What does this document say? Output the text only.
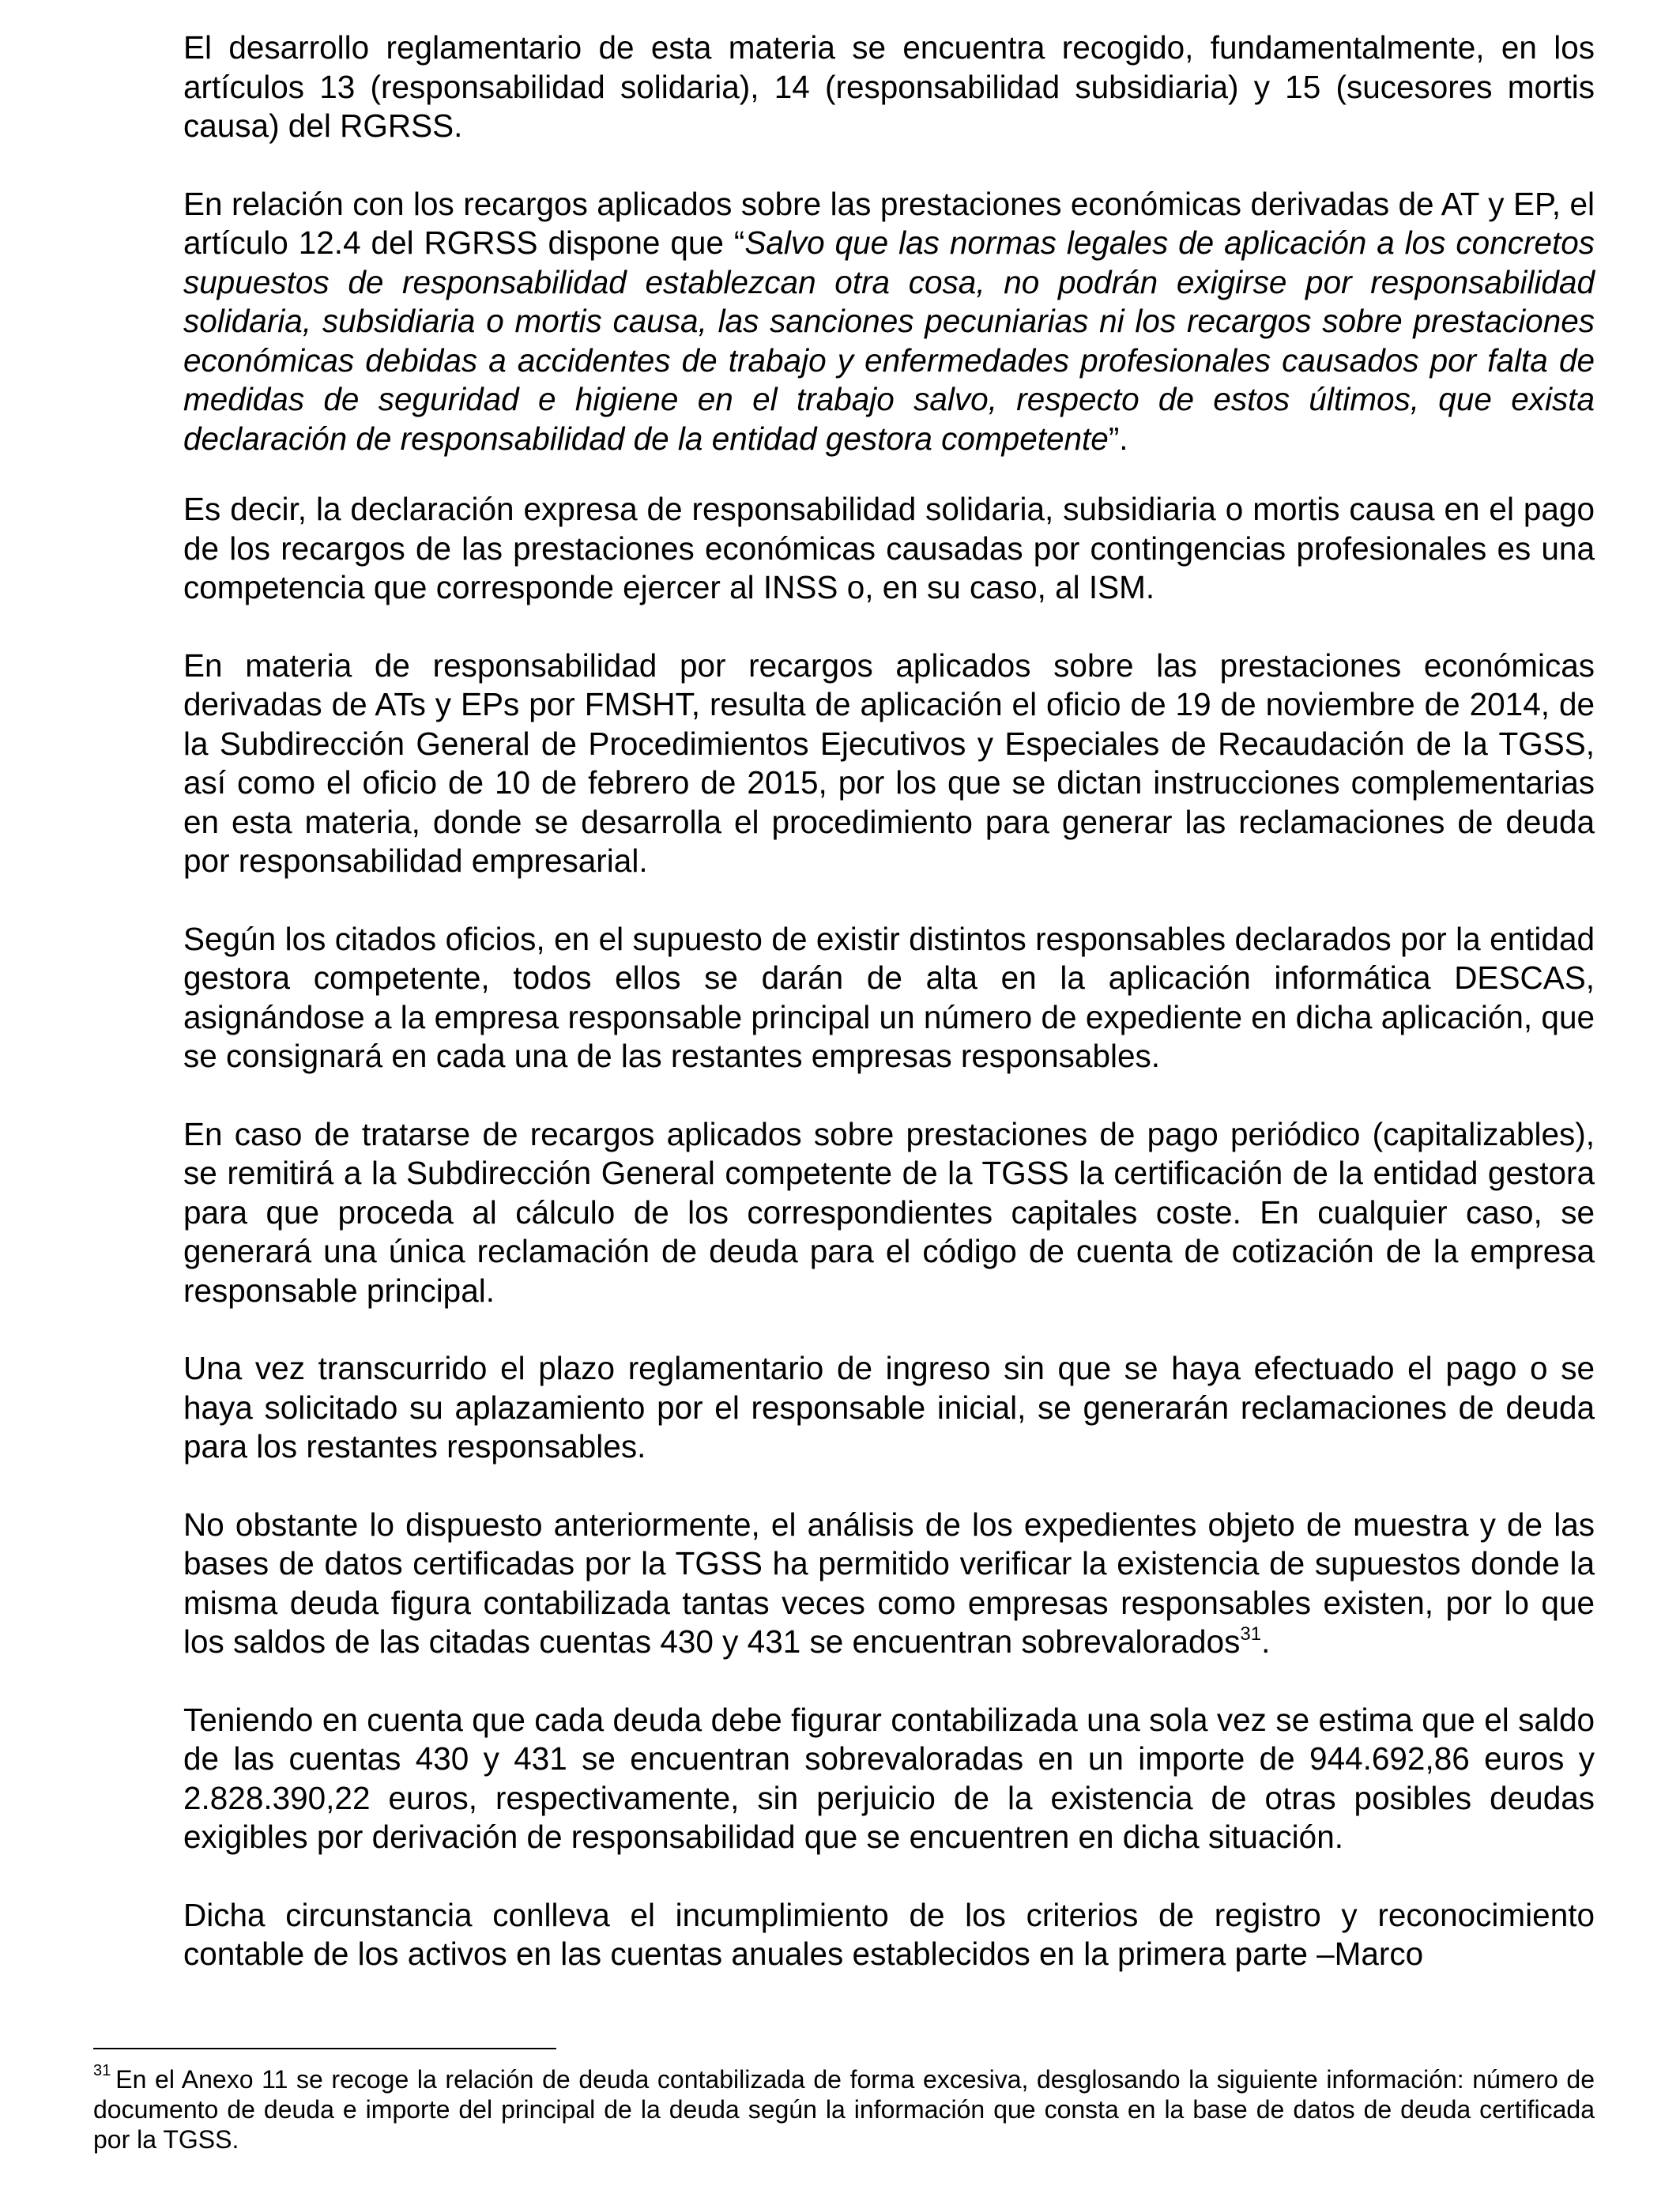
El desarrollo reglamentario de esta materia se encuentra recogido, fundamentalmente, en los artículos 13 (responsabilidad solidaria), 14 (responsabilidad subsidiaria) y 15 (sucesores mortis causa) del RGRSS.

En relación con los recargos aplicados sobre las prestaciones económicas derivadas de AT y EP, el artículo 12.4 del RGRSS dispone que “Salvo que las normas legales de aplicación a los concretos supuestos de responsabilidad establezcan otra cosa, no podrán exigirse por responsabilidad solidaria, subsidiaria o mortis causa, las sanciones pecuniarias ni los recargos sobre prestaciones económicas debidas a accidentes de trabajo y enfermedades profesionales causados por falta de medidas de seguridad e higiene en el trabajo salvo, respecto de estos últimos, que exista declaración de responsabilidad de la entidad gestora competente”.

Es decir, la declaración expresa de responsabilidad solidaria, subsidiaria o mortis causa en el pago de los recargos de las prestaciones económicas causadas por contingencias profesionales es una competencia que corresponde ejercer al INSS o, en su caso, al ISM.

En materia de responsabilidad por recargos aplicados sobre las prestaciones económicas derivadas de ATs y EPs por FMSHT, resulta de aplicación el oficio de 19 de noviembre de 2014, de la Subdirección General de Procedimientos Ejecutivos y Especiales de Recaudación de la TGSS, así como el oficio de 10 de febrero de 2015, por los que se dictan instrucciones complementarias en esta materia, donde se desarrolla el procedimiento para generar las reclamaciones de deuda por responsabilidad empresarial.

Según los citados oficios, en el supuesto de existir distintos responsables declarados por la entidad gestora competente, todos ellos se darán de alta en la aplicación informática DESCAS, asignándose a la empresa responsable principal un número de expediente en dicha aplicación, que se consignará en cada una de las restantes empresas responsables.

En caso de tratarse de recargos aplicados sobre prestaciones de pago periódico (capitalizables), se remitirá a la Subdirección General competente de la TGSS la certificación de la entidad gestora para que proceda al cálculo de los correspondientes capitales coste. En cualquier caso, se generará una única reclamación de deuda para el código de cuenta de cotización de la empresa responsable principal.

Una vez transcurrido el plazo reglamentario de ingreso sin que se haya efectuado el pago o se haya solicitado su aplazamiento por el responsable inicial, se generarán reclamaciones de deuda para los restantes responsables.

No obstante lo dispuesto anteriormente, el análisis de los expedientes objeto de muestra y de las bases de datos certificadas por la TGSS ha permitido verificar la existencia de supuestos donde la misma deuda figura contabilizada tantas veces como empresas responsables existen, por lo que los saldos de las citadas cuentas 430 y 431 se encuentran sobrevalorados$^{31}$.

Teniendo en cuenta que cada deuda debe figurar contabilizada una sola vez se estima que el saldo de las cuentas 430 y 431 se encuentran sobrevaloradas en un importe de 944.692,86 euros y 2.828.390,22 euros, respectivamente, sin perjuicio de la existencia de otras posibles deudas exigibles por derivación de responsabilidad que se encuentren en dicha situación.

Dicha circunstancia conlleva el incumplimiento de los criterios de registro y reconocimiento contable de los activos en las cuentas anuales establecidos en la primera parte –Marco

$^{31}$ En el Anexo 11 se recoge la relación de deuda contabilizada de forma excesiva, desglosando la siguiente información: número de documento de deuda e importe del principal de la deuda según la información que consta en la base de datos de deuda certificada por la TGSS.
